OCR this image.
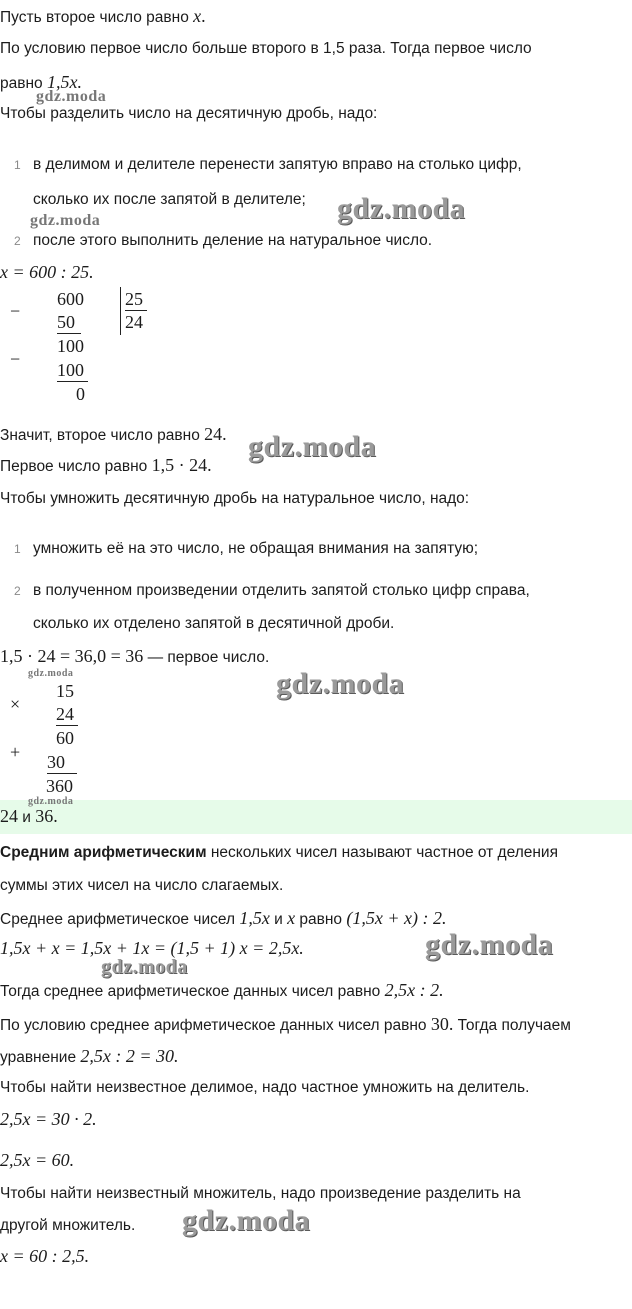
Пусть второе число равно x.
По условию первое число больше второго в 1,5 раза. Тогда первое число
равно 1,5x.
Чтобы разделить число на десятичную дробь, надо:
1 в делимом и делителе перенести запятую вправо на столько цифр,
сколько их после запятой в делителе;
2 после этого выполнить деление на натуральное число.
x = 600 : 25.
−
600
50
25
24
−
100
100
0
Значит, второе число равно 24.
Первое число равно 1,5 · 24.
Чтобы умножить десятичную дробь на натуральное число, надо:
1 умножить её на это число, не обращая внимания на запятую;
2 в полученном произведении отделить запятой столько цифр справа,
сколько их отделено запятой в десятичной дроби.
1,5 · 24 = 36,0 = 36 — первое число.
15
× 24
60
+ 30
360
24 и 36.
Средним арифметическим нескольких чисел называют частное от деления
суммы этих чисел на число слагаемых.
Среднее арифметическое чисел 1,5x и x равно (1,5x + x) : 2.
1,5x + x = 1,5x + 1x = (1,5 + 1) x = 2,5x.
Тогда среднее арифметическое данных чисел равно 2,5x : 2.
По условию среднее арифметическое данных чисел равно 30. Тогда получаем
уравнение 2,5x : 2 = 30.
Чтобы найти неизвестное делимое, надо частное умножить на делитель.
2,5x = 30 · 2.
2,5x = 60.
Чтобы найти неизвестный множитель, надо произведение разделить на
другой множитель.
x = 60 : 2,5.
gdz.moda
gdz.moda	gdz.moda
gdz.moda
gdz.moda	gdz.moda
gdz.moda
gdz.moda
gdz.moda
gdz.moda
